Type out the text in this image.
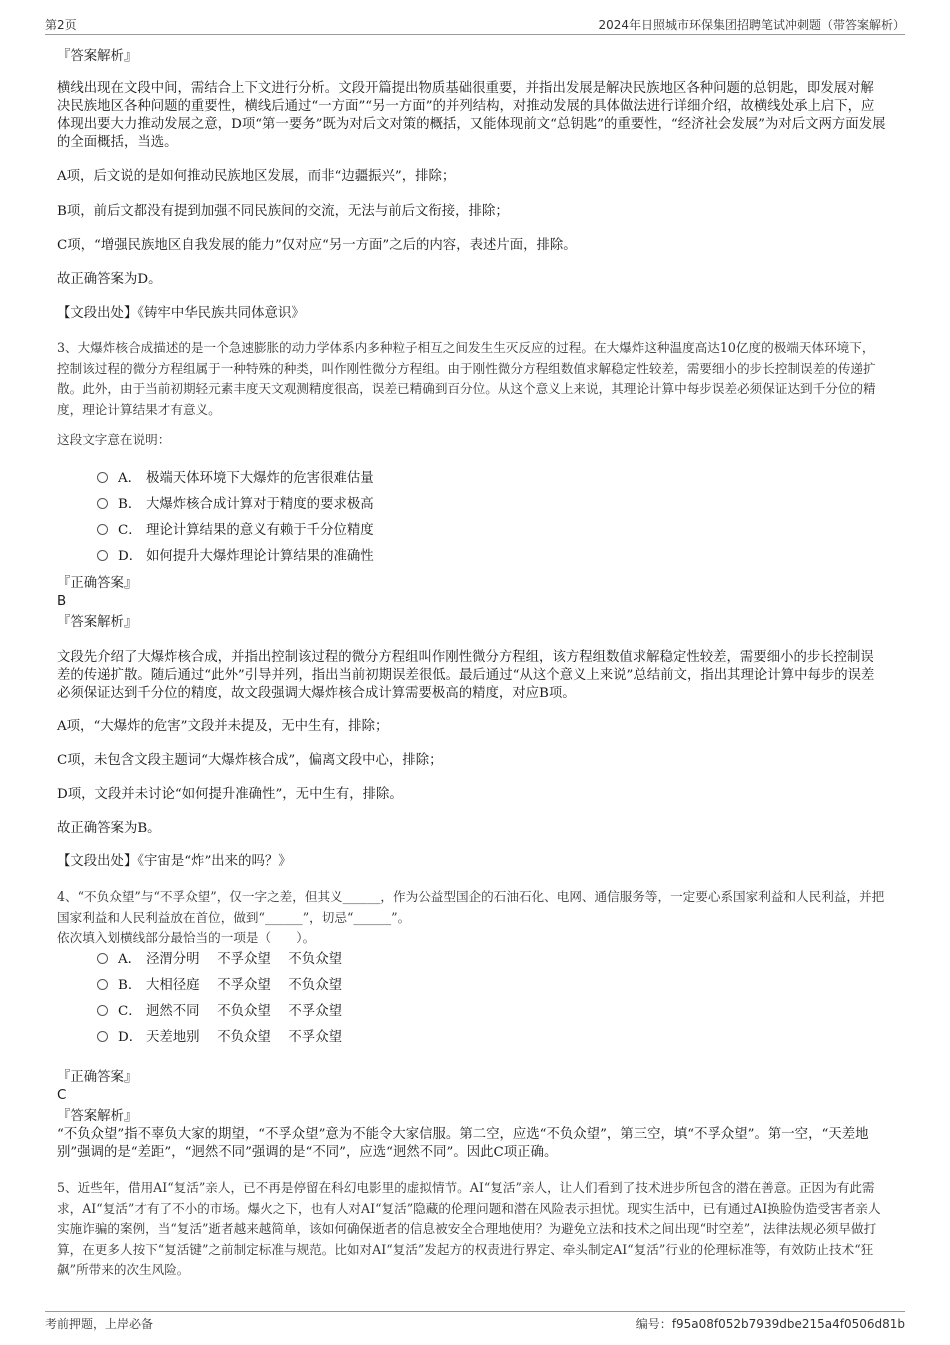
第2页	2024年日照城市环保集团招聘笔试冲刺题（带答案解析）

『答案解析』

横线出现在文段中间，需结合上下文进行分析。文段开篇提出物质基础很重要，并指出发展是解决民族地区各种问题的总钥匙，即发展对解决民族地区各种问题的重要性，横线后通过“一方面”“另一方面”的并列结构，对推动发展的具体做法进行详细介绍，故横线处承上启下，应体现出要大力推动发展之意，D项“第一要务”既为对后文对策的概括，又能体现前文“总钥匙”的重要性，“经济社会发展”为对后文两方面发展的全面概括，当选。

A项，后文说的是如何推动民族地区发展，而非“边疆振兴”，排除；

B项，前后文都没有提到加强不同民族间的交流，无法与前后文衔接，排除；

C项，“增强民族地区自我发展的能力”仅对应“另一方面”之后的内容，表述片面，排除。

故正确答案为D。

【文段出处】《铸牢中华民族共同体意识》

3、大爆炸核合成描述的是一个急速膨胀的动力学体系内多种粒子相互之间发生生灭反应的过程。在大爆炸这种温度高达10亿度的极端天体环境下，控制该过程的微分方程组属于一种特殊的种类，叫作刚性微分方程组。由于刚性微分方程组数值求解稳定性较差，需要细小的步长控制误差的传递扩散。此外，由于当前初期轻元素丰度天文观测精度很高，误差已精确到百分位。从这个意义上来说，其理论计算中每步误差必须保证达到千分位的精度，理论计算结果才有意义。

这段文字意在说明：

A． 极端天体环境下大爆炸的危害很难估量
B． 大爆炸核合成计算对于精度的要求极高
C． 理论计算结果的意义有赖于千分位精度
D． 如何提升大爆炸理论计算结果的准确性

『正确答案』

B

『答案解析』

文段先介绍了大爆炸核合成，并指出控制该过程的微分方程组叫作刚性微分方程组，该方程组数值求解稳定性较差，需要细小的步长控制误差的传递扩散。随后通过“此外”引导并列，指出当前初期误差很低。最后通过“从这个意义上来说”总结前文，指出其理论计算中每步的误差必须保证达到千分位的精度，故文段强调大爆炸核合成计算需要极高的精度，对应B项。

A项，“大爆炸的危害”文段并未提及，无中生有，排除；

C项，未包含文段主题词“大爆炸核合成”，偏离文段中心，排除；

D项，文段并未讨论“如何提升准确性”，无中生有，排除。

故正确答案为B。

【文段出处】《宇宙是“炸”出来的吗？》

4、“不负众望”与“不孚众望”，仅一字之差，但其义______，作为公益型国企的石油石化、电网、通信服务等，一定要心系国家利益和人民利益，并把国家利益和人民利益放在首位，做到“______”，切忌“______”。

依次填入划横线部分最恰当的一项是（　　）。

A． 泾渭分明　 不孚众望　 不负众望
B． 大相径庭　 不孚众望　 不负众望
C． 迥然不同　 不负众望　 不孚众望
D． 天差地别　 不负众望　 不孚众望

『正确答案』

C

『答案解析』

“不负众望”指不辜负大家的期望，“不孚众望”意为不能令大家信服。第二空，应选“不负众望”，第三空，填“不孚众望”。第一空，“天差地别”强调的是“差距”，“迥然不同”强调的是“不同”，应选“迥然不同”。因此C项正确。

5、近些年，借用AI“复活”亲人，已不再是停留在科幻电影里的虚拟情节。AI“复活”亲人，让人们看到了技术进步所包含的潜在善意。正因为有此需求，AI“复活”才有了不小的市场。爆火之下，也有人对AI“复活”隐藏的伦理问题和潜在风险表示担忧。现实生活中，已有通过AI换脸伪造受害者亲人实施诈骗的案例，当“复活”逝者越来越简单，该如何确保逝者的信息被安全合理地使用？为避免立法和技术之间出现“时空差”，法律法规必须早做打算，在更多人按下“复活键”之前制定标准与规范。比如对AI“复活”发起方的权责进行界定、牵头制定AI“复活”行业的伦理标准等，有效防止技术“狂飙”所带来的次生风险。

考前押题，上岸必备	编号：f95a08f052b7939dbe215a4f0506d81b
